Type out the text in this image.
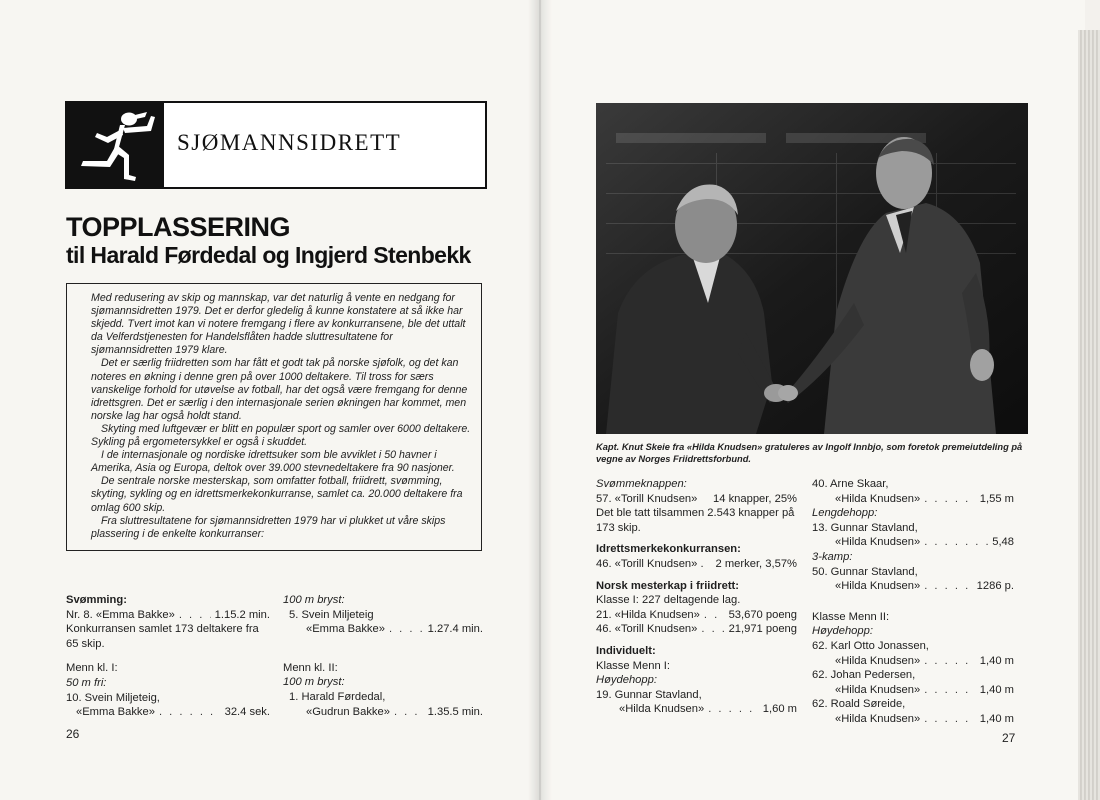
SJØMANNSIDRETT
TOPPLASSERING
til Harald Førdedal og Ingjerd Stenbekk

Med redusering av skip og mannskap, var det naturlig å vente en nedgang for sjømannsidretten 1979. Det er derfor gledelig å kunne konstatere at så ikke har skjedd. Tvert imot kan vi notere fremgang i flere av konkurransene, ble det uttalt da Velferdstjenesten for Handelsflåten hadde sluttresultatene for sjømannsidretten 1979 klare.

Det er særlig friidretten som har fått et godt tak på norske sjøfolk, og det kan noteres en økning i denne gren på over 1000 deltakere. Til tross for særs vanskelige forhold for utøvelse av fotball, har det også være fremgang for denne idrettsgren. Det er særlig i den internasjonale serien økningen har kommet, men norske lag har også holdt stand.

Skyting med luftgevær er blitt en populær sport og samler over 6000 deltakere. Sykling på ergometersykkel er også i skuddet.

I de internasjonale og nordiske idrettsuker som ble avviklet i 50 havner i Amerika, Asia og Europa, deltok over 39.000 stevnedeltakere fra 90 nasjoner.

De sentrale norske mesterskap, som omfatter fotball, friidrett, svømming, skyting, sykling og en idrettsmerkekonkurranse, samlet ca. 20.000 deltakere fra omlag 600 skip.

Fra sluttresultatene for sjømannsidretten 1979 har vi plukket ut våre skips plassering i de enkelte konkurranser:

Svømming:
Nr. 8. «Emma Bakke» . . .	1.15.2 min.
Konkurransen samlet 173 deltakere fra
65 skip.
Menn kl. I:
50 m fri:
10. Svein Miljeteig,
«Emma Bakke» . . .	32.4 sek.
100 m bryst:
5. Svein Miljeteig
«Emma Bakke» . . .	1.27.4 min.
Menn kl. II:
100 m bryst:
1. Harald Førdedal,
«Gudrun Bakke» . . .	1.35.5 min.
26
Kapt. Knut Skeie fra «Hilda Knudsen» gratuleres av Ingolf Innbjo, som foretok premeiutdeling på vegne av Norges Friidrettsforbund.
Svømmeknappen:
57. «Torill Knudsen» 14 knapper, 25%
Det ble tatt tilsammen 2.543 knapper på
173 skip.
Idrettsmerkekonkurransen:
46. «Torill Knudsen» . 2 merker, 3,57%
Norsk mesterkap i friidrett:
Klasse I: 227 deltagende lag.
21. «Hilda Knudsen» . . .	53,670 poeng
46. «Torill Knudsen» . . .	21,971 poeng
Individuelt:
Klasse Menn I:
Høydehopp:
19. Gunnar Stavland,
«Hilda Knudsen» . . .	1,60 m
40. Arne Skaar,
«Hilda Knudsen» . . .	1,55 m
Lengdehopp:
13. Gunnar Stavland,
«Hilda Knudsen» . . .	5,48
3-kamp:
50. Gunnar Stavland,
«Hilda Knudsen» . . .	1286 p.
Klasse Menn II:
Høydehopp:
62. Karl Otto Jonassen,
«Hilda Knudsen» . . .	1,40 m
62. Johan Pedersen,
«Hilda Knudsen» . . .	1,40 m
62. Roald Søreide,
«Hilda Knudsen» . . .	1,40 m
27
